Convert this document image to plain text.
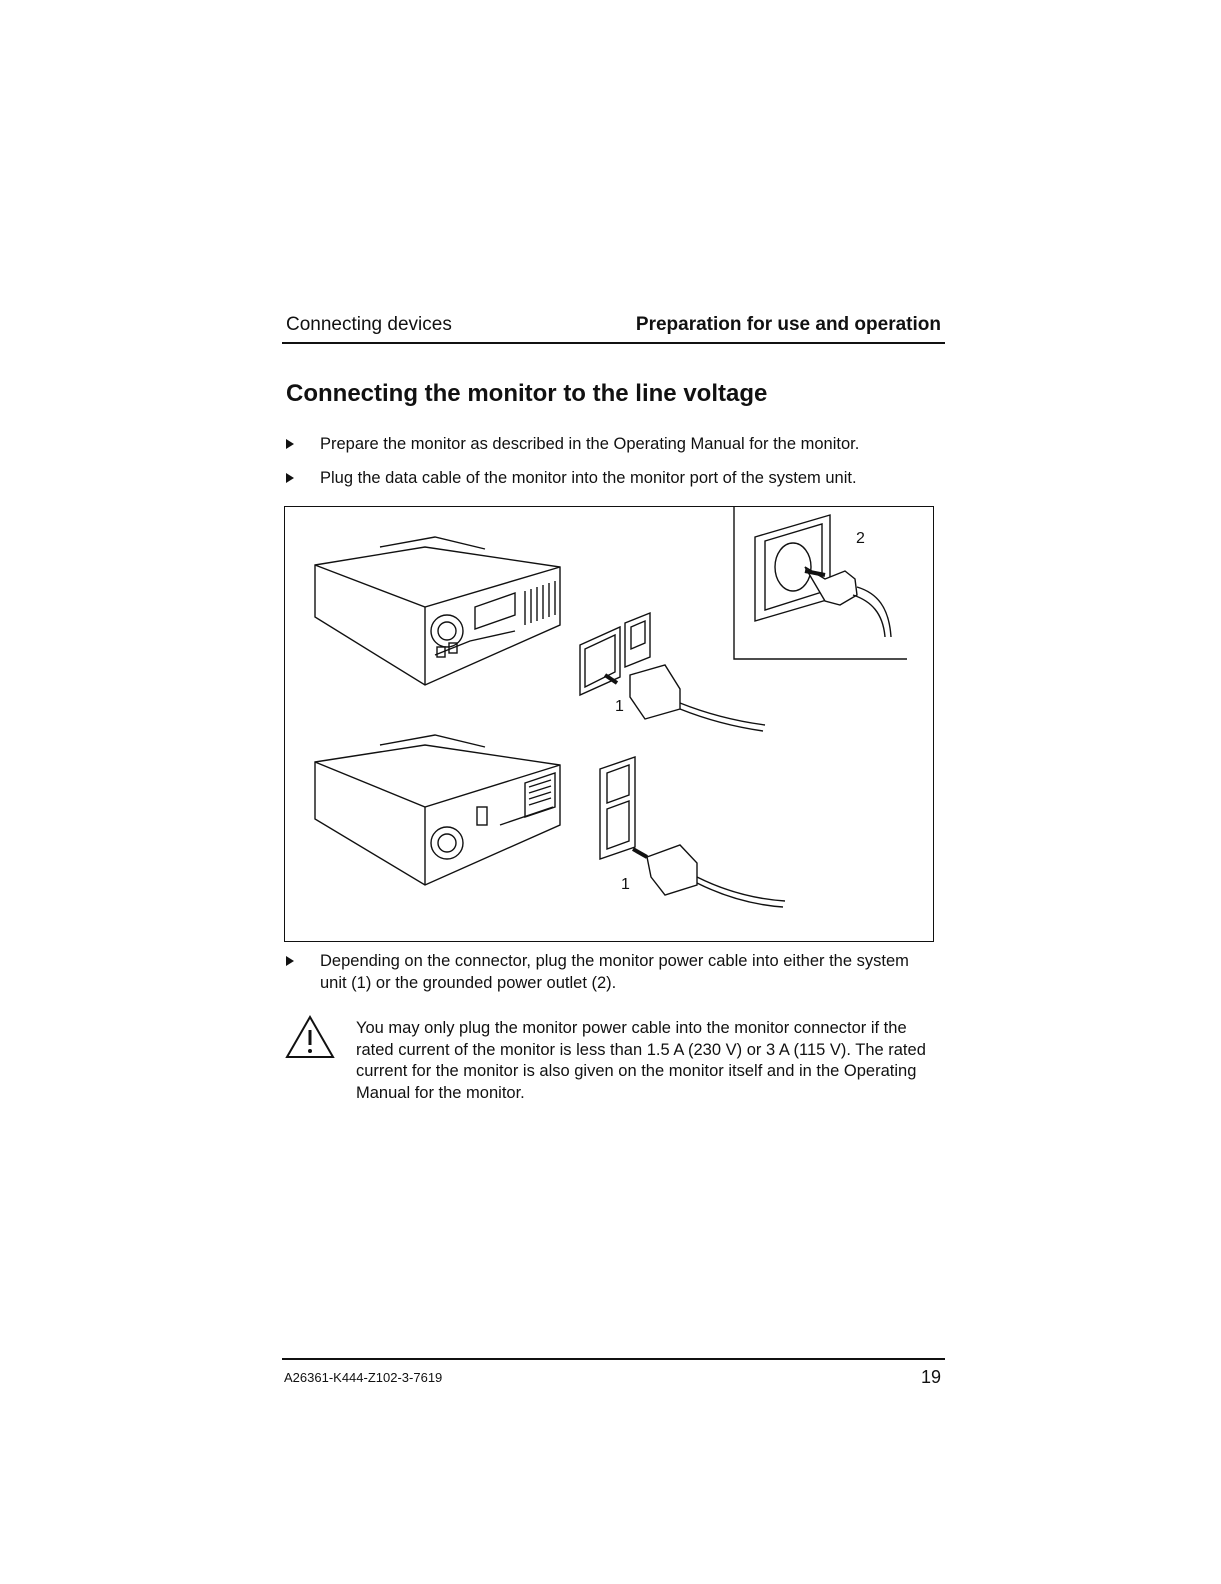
Connecting devices	Preparation for use and operation
Connecting the monitor to the line voltage
Prepare the monitor as described in the Operating Manual for the monitor.
Plug the data cable of the monitor into the monitor port of the system unit.
1
1
2
Depending on the connector, plug the monitor power cable into either the system unit (1) or the grounded power outlet (2).
You may only plug the monitor power cable into the monitor connector if the rated current of the monitor is less than 1.5 A (230 V) or 3 A (115 V). The rated current for the monitor is also given on the monitor itself and in the Operating Manual for the monitor.
A26361-K444-Z102-3-7619	19
